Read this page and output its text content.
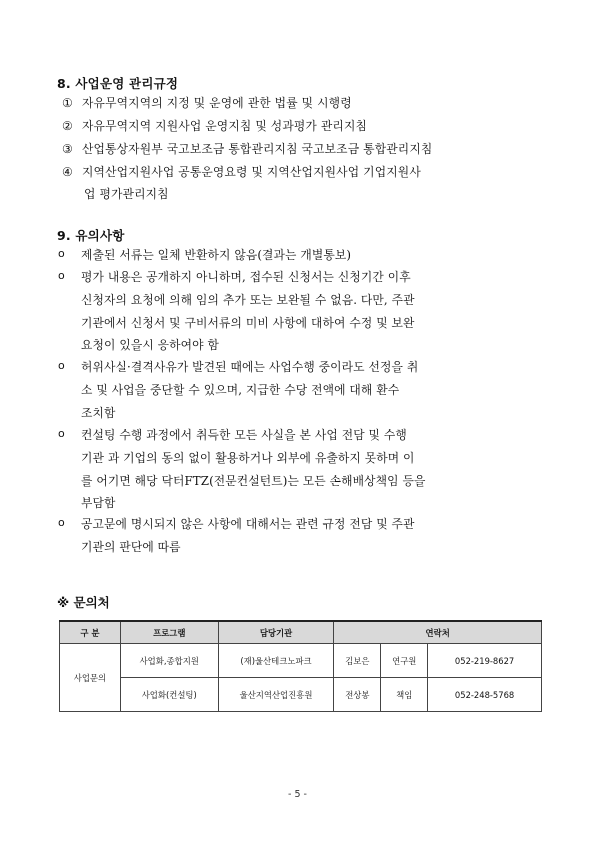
8. 사업운영 관리규정
① 자유무역지역의 지정 및 운영에 관한 법률 및 시행령
② 자유무역지역 지원사업 운영지침 및 성과평가 관리지침
③ 산업통상자원부 국고보조금 통합관리지침 국고보조금 통합관리지침
④ 지역산업지원사업 공통운영요령 및 지역산업지원사업 기업지원사
업 평가관리지침
9. 유의사항
o 제출된 서류는 일체 반환하지 않음(결과는 개별통보)
o 평가 내용은 공개하지 아니하며, 접수된 신청서는 신청기간 이후
신청자의 요청에 의해 임의 추가 또는 보완될 수 없음. 다만, 주관
기관에서 신청서 및 구비서류의 미비 사항에 대하여 수정 및 보완
요청이 있을시 응하여야 함
o 허위사실·결격사유가 발견된 때에는 사업수행 중이라도 선정을 취
소 및 사업을 중단할 수 있으며, 지급한 수당 전액에 대해 환수
조치함
o 컨설팅 수행 과정에서 취득한 모든 사실을 본 사업 전담 및 수행
기관 과 기업의 동의 없이 활용하거나 외부에 유출하지 못하며 이
를 어기면 해당 닥터FTZ(전문컨설턴트)는 모든 손해배상책임 등을
부담함
o 공고문에 명시되지 않은 사항에 대해서는 관련 규정 전담 및 주관
기관의 판단에 따름
※ 문의처
구 분	프로그램	담당기관	연락처		
사업문의	사업화,종합지원	(재)울산테크노파크	김보은	연구원	052-219-8627
	사업화(컨설팅)	울산지역산업진흥원	전상봉	책임	052-248-5768
- 5 -
